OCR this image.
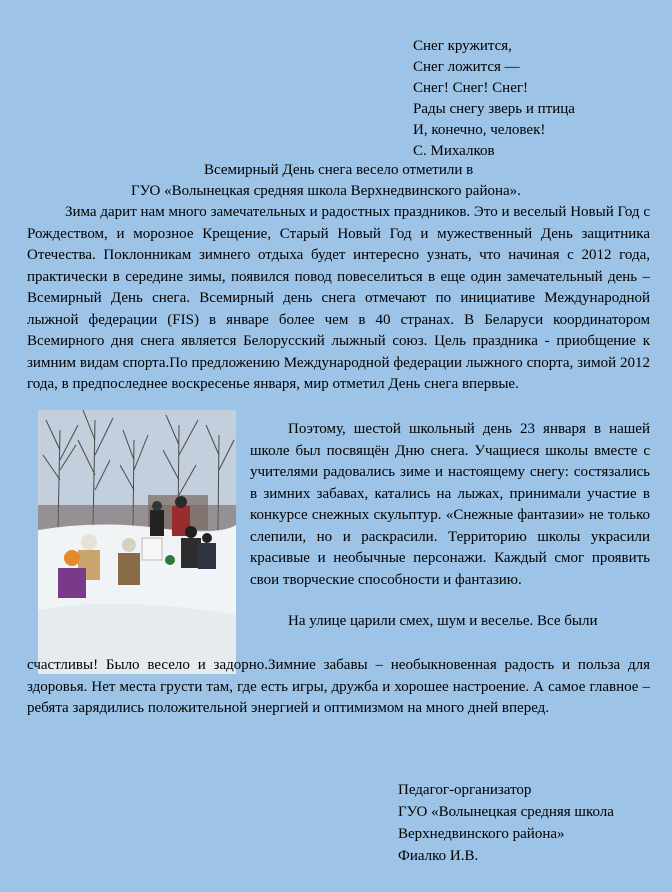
Снег кружится,
Снег ложится —
Снег! Снег! Снег!
Рады снегу зверь и птица
И, конечно, человек!
С. Михалков
Всемирный День снега весело отметили в
ГУО «Волынецкая средняя школа Верхнедвинского района».

Зима дарит нам много замечательных и радостных праздников. Это и веселый Новый Год с Рождеством, и морозное Крещение, Старый Новый Год и мужественный День защитника Отечества. Поклонникам зимнего отдыха будет интересно узнать, что начиная с 2012 года, практически в середине зимы, появился повод повеселиться в еще один замечательный день – Всемирный День снега. Всемирный день снега отмечают по инициативе Международной лыжной федерации (FIS) в январе более чем в 40 странах. В Беларуси координатором Всемирного дня снега является Белорусский лыжный союз. Цель праздника - приобщение к зимним видам спорта.По предложению Международной федерации лыжного спорта, зимой 2012 года, в предпоследнее воскресенье января, мир отметил День снега впервые.

Поэтому, шестой школьный день 23 января в нашей школе был посвящён Дню снега. Учащиеся школы вместе с учителями радовались зиме и настоящему снегу: состязались в зимних забавах, катались на лыжах, принимали участие в конкурсе снежных скульптур. «Снежные фантазии» не только слепили, но и раскрасили. Территорию школы украсили красивые и необычные персонажи. Каждый смог проявить свои творческие способности и фантазию.

На улице царили смех, шум и веселье. Все были

счастливы! Было весело и задорно.Зимние забавы – необыкновенная радость и польза для здоровья. Нет места грусти там, где есть игры, дружба и хорошее настроение. А самое главное – ребята зарядились положительной энергией и оптимизмом на много дней вперед.

Педагог-организатор
ГУО «Волынецкая средняя школа
Верхнедвинского района»
Фиалко И.В.
